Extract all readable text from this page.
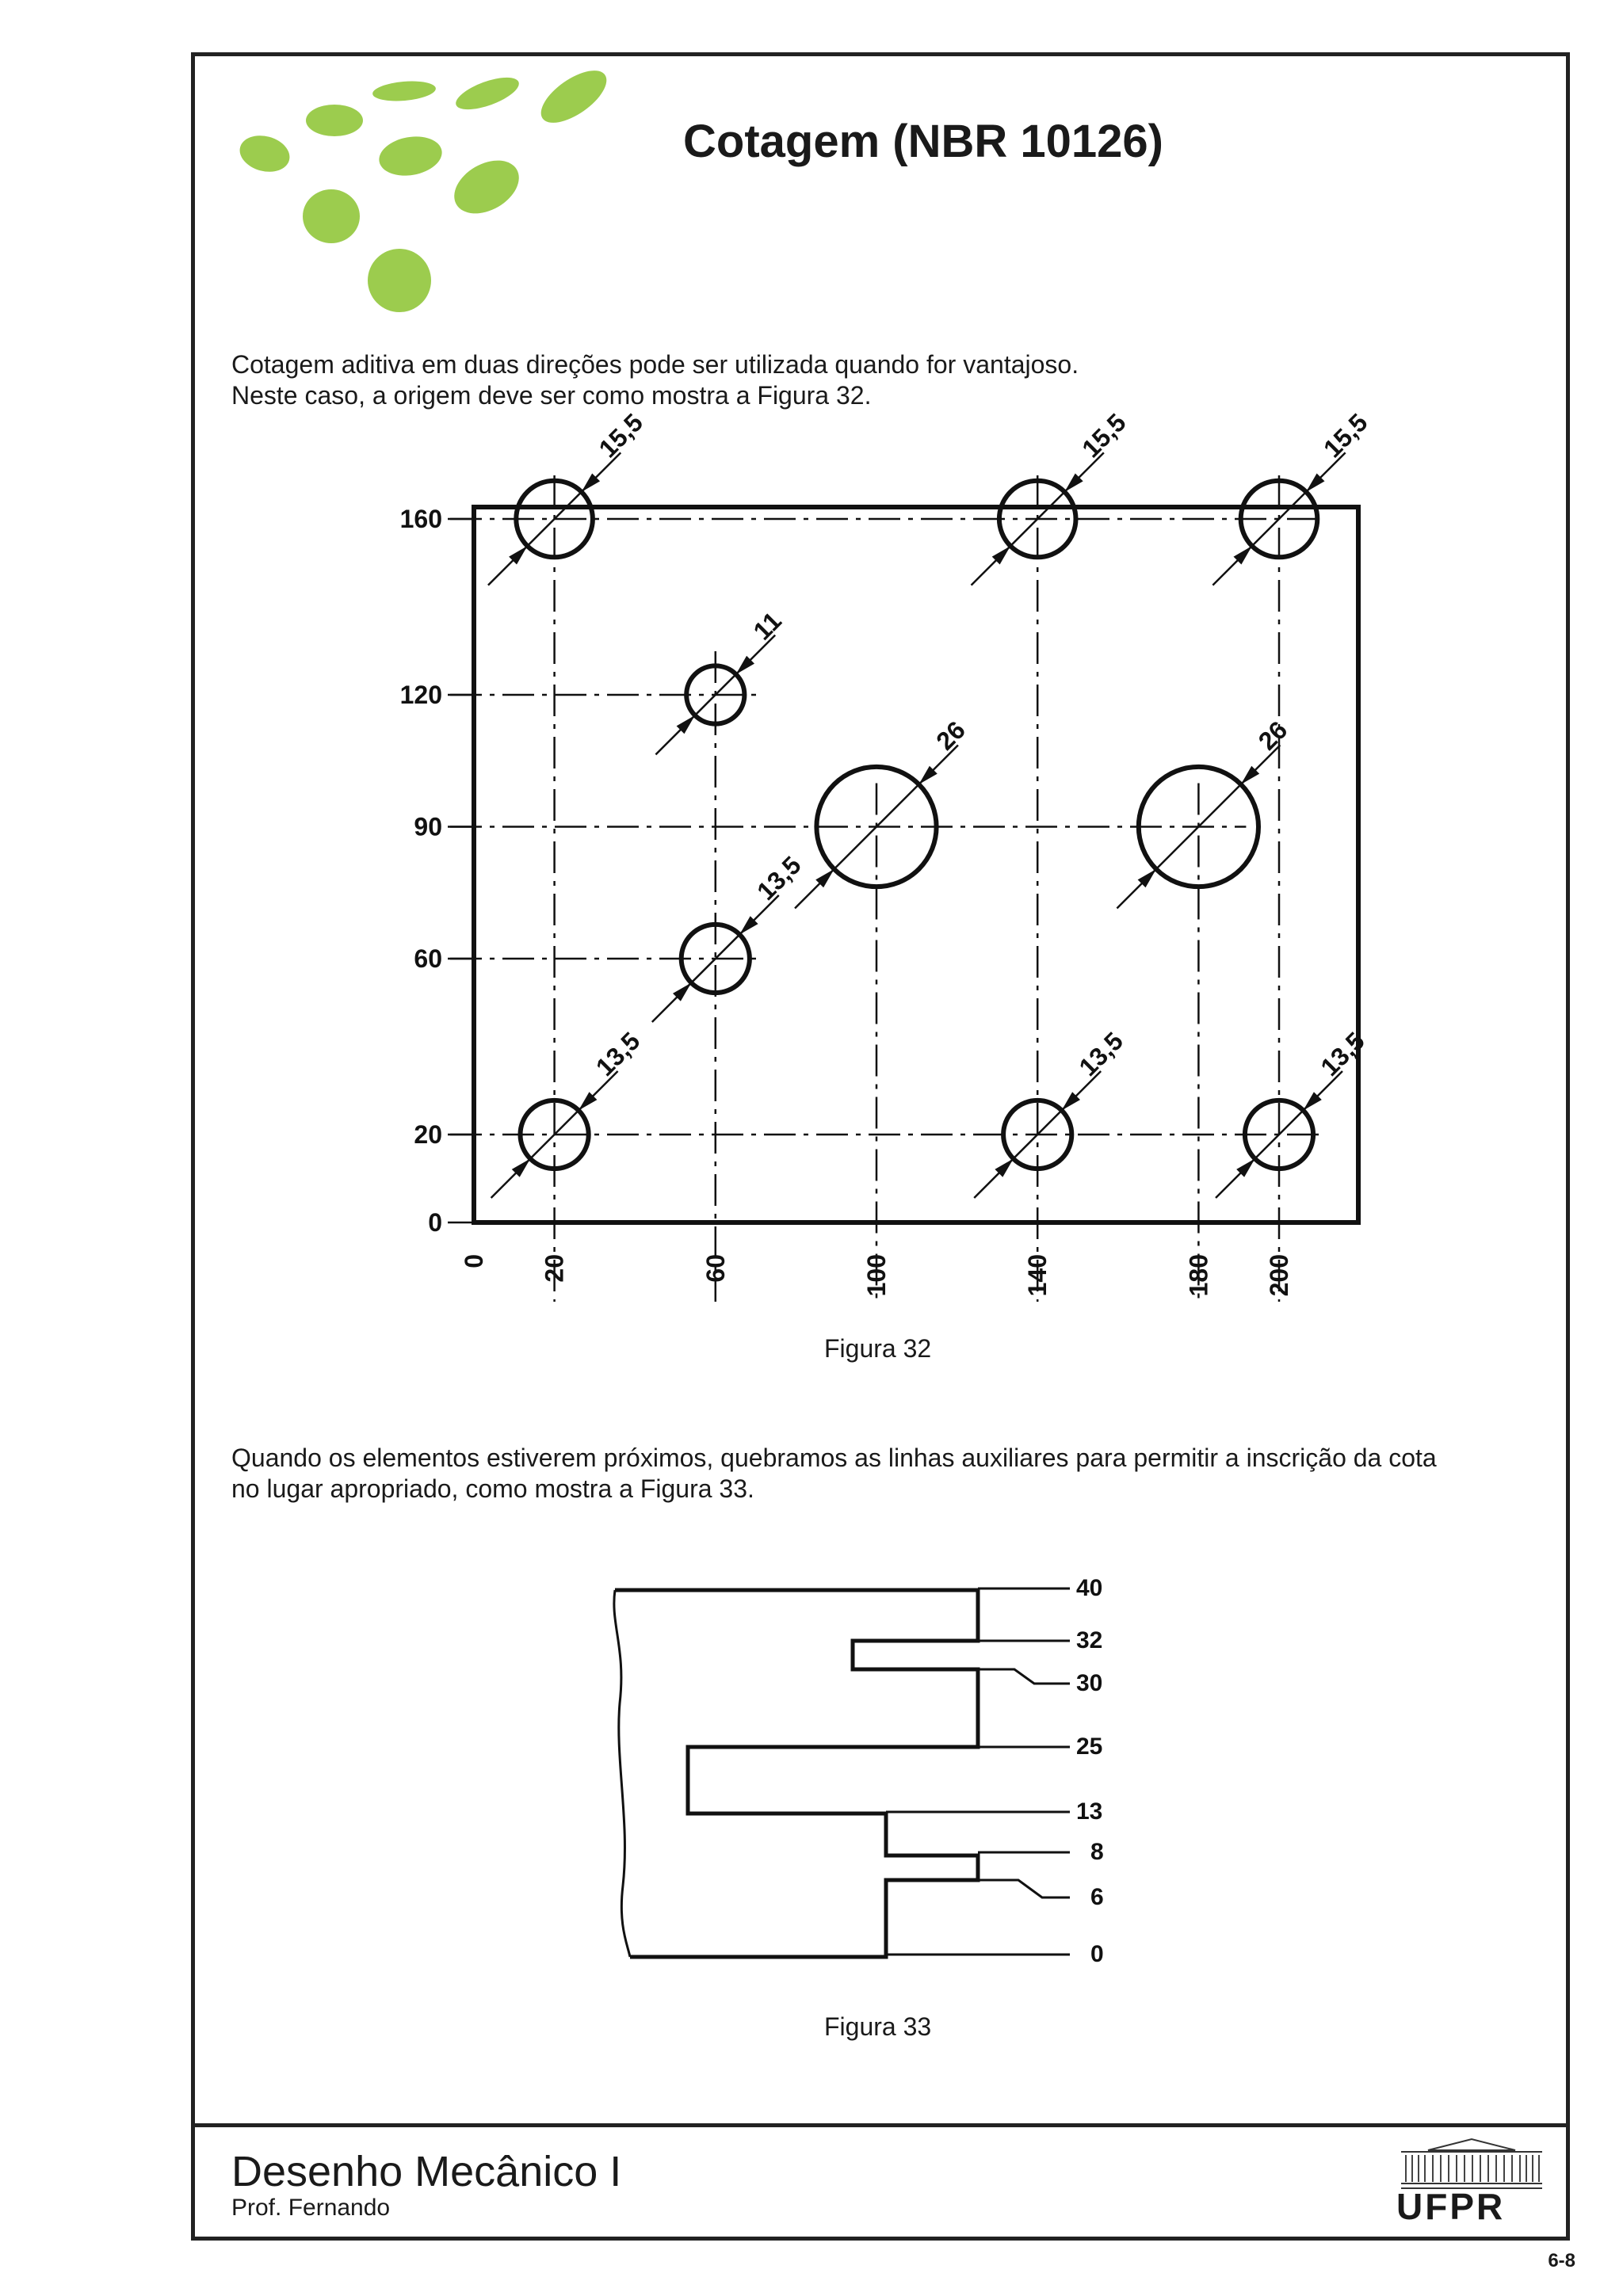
Cotagem (NBR 10126)
Cotagem aditiva em duas direções pode ser utilizada quando for vantajoso.
Neste caso, a origem deve ser como mostra a Figura 32.
15,5	15,5	15,5
11
26	26
13,5
13,5	13,5	13,5
160
120
90
60
20
0
0 20	60	100	140	180 200
Figura 32
Quando os elementos estiverem próximos, quebramos as linhas auxiliares para permitir a inscrição da cota
no lugar apropriado, como mostra a Figura 33.
40
32
30
25
13
8
6
0
Figura 33
Desenho Mecânico I
Prof. Fernando	UFPR
6-8
